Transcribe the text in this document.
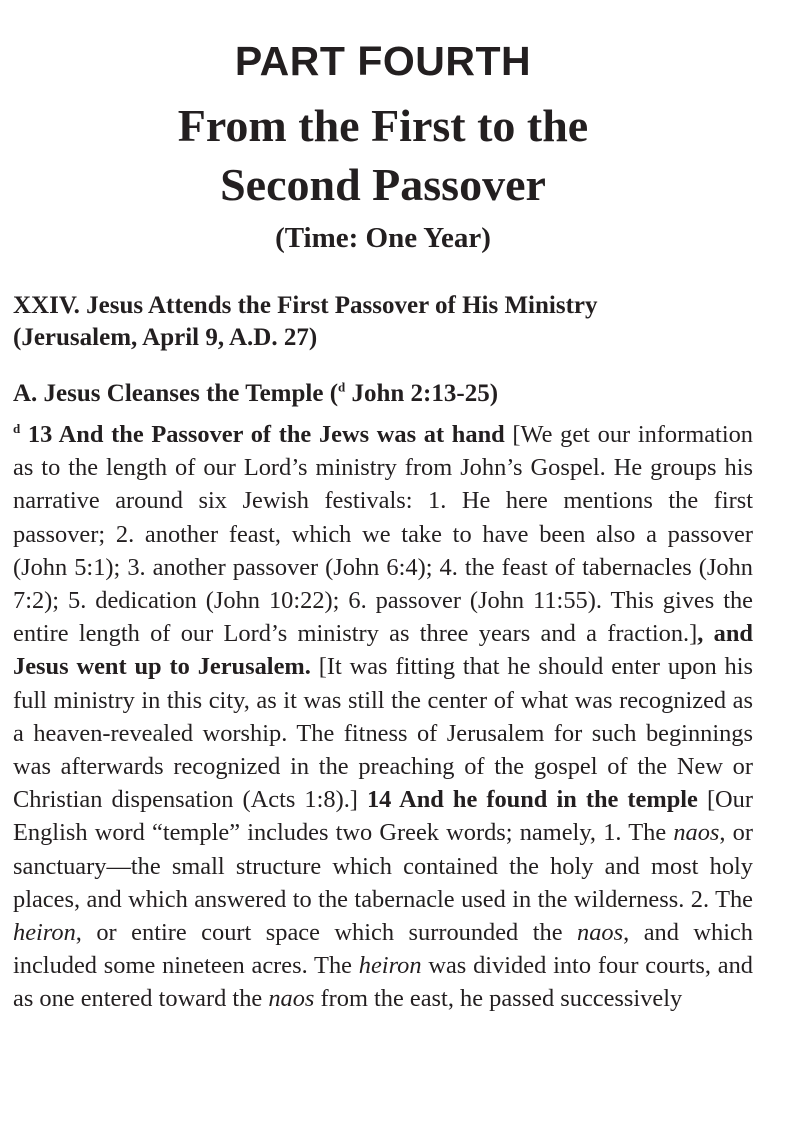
PART FOURTH
From the First to the
Second Passover
(Time: One Year)
XXIV. Jesus Attends the First Passover of His Ministry
(Jerusalem, April 9, A.D. 27)
A. Jesus Cleanses the Temple ($^d$ John 2:13-25)

$^d$ 13 And the Passover of the Jews was at hand [We get our information as to the length of our Lord’s ministry from John’s Gospel. He groups his narrative around six Jewish festivals: 1. He here mentions the first passover; 2. another feast, which we take to have been also a passover (John 5:1); 3. another passover (John 6:4); 4. the feast of tabernacles (John 7:2); 5. dedication (John 10:22); 6. passover (John 11:55). This gives the entire length of our Lord’s ministry as three years and a fraction.], and Jesus went up to Jerusalem. [It was fitting that he should enter upon his full ministry in this city, as it was still the center of what was recognized as a heaven-revealed worship. The fitness of Jerusalem for such beginnings was afterwards recognized in the preaching of the gospel of the New or Christian dispensation (Acts 1:8).] 14 And he found in the temple [Our English word “temple” includes two Greek words; namely, 1. The naos, or sanctuary—the small structure which contained the holy and most holy places, and which answered to the tabernacle used in the wilderness. 2. The heiron, or entire court space which surrounded the naos, and which included some nineteen acres. The heiron was divided into four courts, and as one entered toward the naos from the east, he passed successively
